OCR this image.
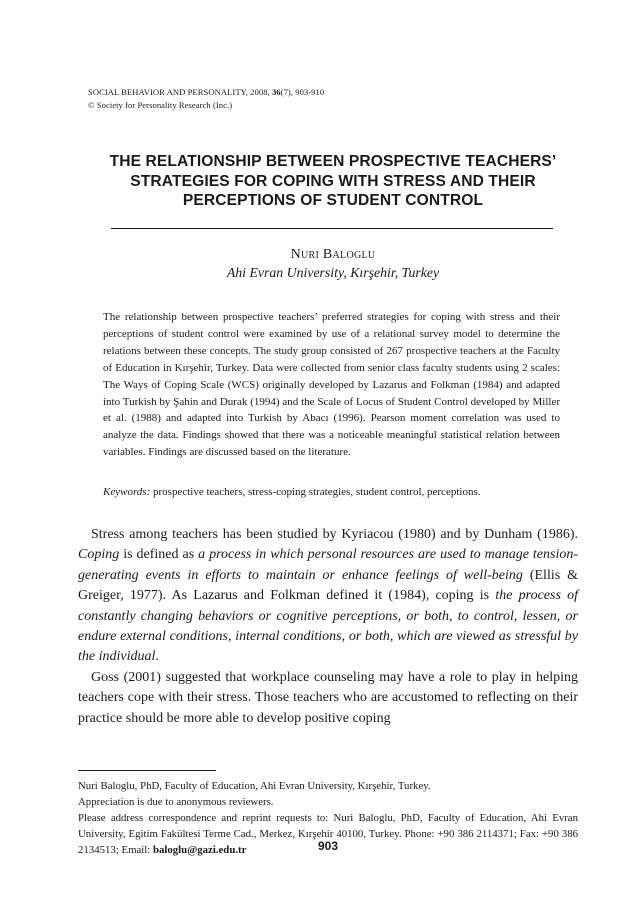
SOCIAL BEHAVIOR AND PERSONALITY, 2008, 36(7), 903-910
© Society for Personality Research (Inc.)
THE RELATIONSHIP BETWEEN PROSPECTIVE TEACHERS’ STRATEGIES FOR COPING WITH STRESS AND THEIR PERCEPTIONS OF STUDENT CONTROL
Nuri Baloglu
Ahi Evran University, Kırşehir, Turkey

The relationship between prospective teachers’ preferred strategies for coping with stress and their perceptions of student control were examined by use of a relational survey model to determine the relations between these concepts. The study group consisted of 267 prospective teachers at the Faculty of Education in Kırşehir, Turkey. Data were collected from senior class faculty students using 2 scales: The Ways of Coping Scale (WCS) originally developed by Lazarus and Folkman (1984) and adapted into Turkish by Şahin and Durak (1994) and the Scale of Locus of Student Control developed by Miller et al. (1988) and adapted into Turkish by Abacı (1996). Pearson moment correlation was used to analyze the data. Findings showed that there was a noticeable meaningful statistical relation between variables. Findings are discussed based on the literature.

Keywords: prospective teachers, stress-coping strategies, student control, perceptions.

Stress among teachers has been studied by Kyriacou (1980) and by Dunham (1986). Coping is defined as a process in which personal resources are used to manage tension-generating events in efforts to maintain or enhance feelings of well-being (Ellis & Greiger, 1977). As Lazarus and Folkman defined it (1984), coping is the process of constantly changing behaviors or cognitive perceptions, or both, to control, lessen, or endure external conditions, internal conditions, or both, which are viewed as stressful by the individual.

Goss (2001) suggested that workplace counseling may have a role to play in helping teachers cope with their stress. Those teachers who are accustomed to reflecting on their practice should be more able to develop positive coping

Nuri Baloglu, PhD, Faculty of Education, Ahi Evran University, Kırşehir, Turkey.

Appreciation is due to anonymous reviewers.

Please address correspondence and reprint requests to: Nuri Baloglu, PhD, Faculty of Education, Ahi Evran University, Egitim Fakültesi Terme Cad., Merkez, Kırşehir 40100, Turkey. Phone: +90 386 2114371; Fax: +90 386 2134513; Email: baloglu@gazi.edu.tr	903
